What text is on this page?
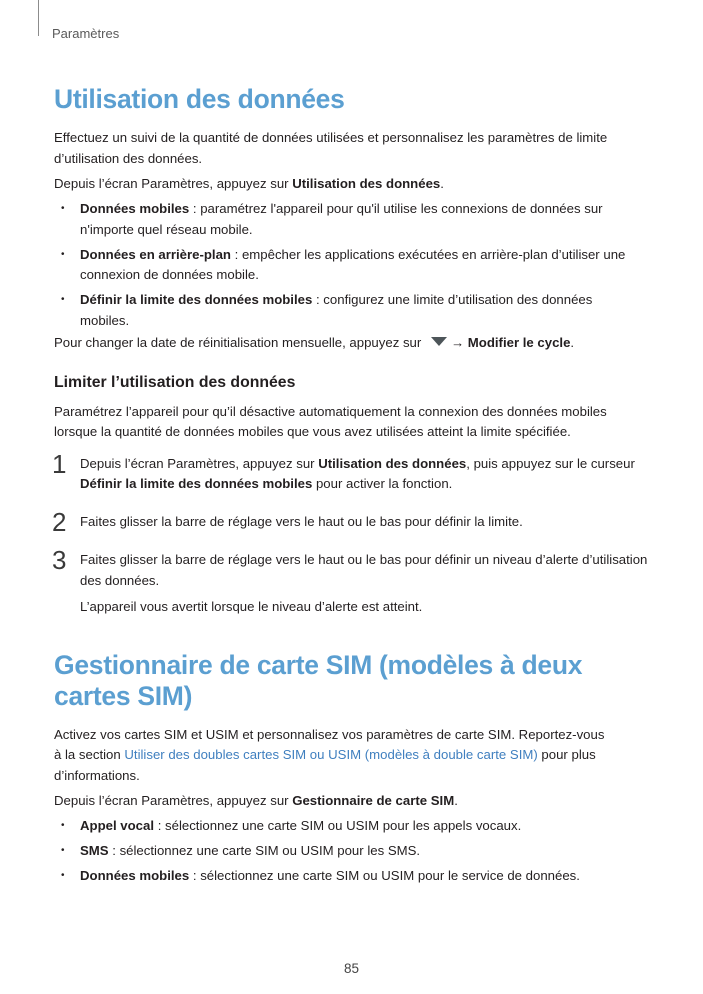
Paramètres
Utilisation des données

Effectuez un suivi de la quantité de données utilisées et personnalisez les paramètres de limite d’utilisation des données.

Depuis l’écran Paramètres, appuyez sur Utilisation des données.

• Données mobiles : paramétrez l'appareil pour qu'il utilise les connexions de données sur n'importe quel réseau mobile.
• Données en arrière-plan : empêcher les applications exécutées en arrière-plan d’utiliser une connexion de données mobile.
• Définir la limite des données mobiles : configurez une limite d’utilisation des données mobiles.

Pour changer la date de réinitialisation mensuelle, appuyez sur → Modifier le cycle.

Limiter l’utilisation des données

Paramétrez l’appareil pour qu’il désactive automatiquement la connexion des données mobiles lorsque la quantité de données mobiles que vous avez utilisées atteint la limite spécifiée.

1 Depuis l’écran Paramètres, appuyez sur Utilisation des données, puis appuyez sur le curseur Définir la limite des données mobiles pour activer la fonction.
2 Faites glisser la barre de réglage vers le haut ou le bas pour définir la limite.
3 Faites glisser la barre de réglage vers le haut ou le bas pour définir un niveau d’alerte d’utilisation des données.
L’appareil vous avertit lorsque le niveau d’alerte est atteint.
Gestionnaire de carte SIM (modèles à deux cartes SIM)

Activez vos cartes SIM et USIM et personnalisez vos paramètres de carte SIM. Reportez-vous à la section Utiliser des doubles cartes SIM ou USIM (modèles à double carte SIM) pour plus d’informations.

Depuis l’écran Paramètres, appuyez sur Gestionnaire de carte SIM.

• Appel vocal : sélectionnez une carte SIM ou USIM pour les appels vocaux.
• SMS : sélectionnez une carte SIM ou USIM pour les SMS.
• Données mobiles : sélectionnez une carte SIM ou USIM pour le service de données.
85
